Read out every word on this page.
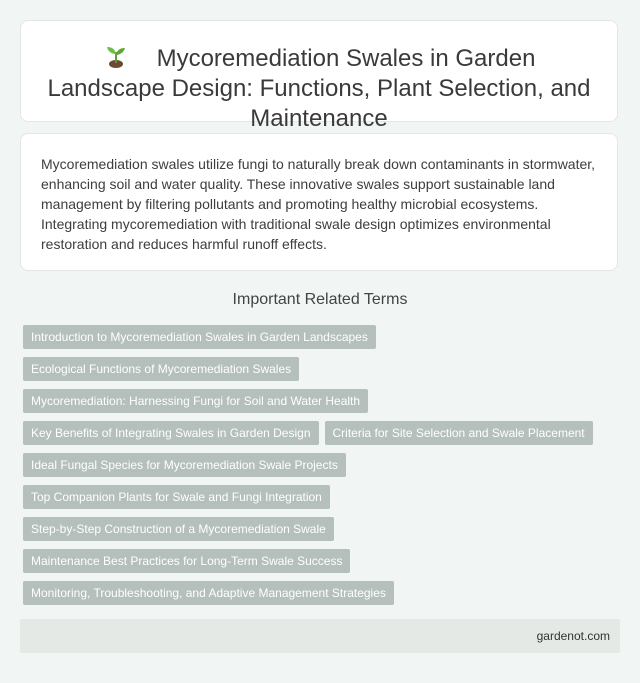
Mycoremediation Swales in Garden Landscape Design: Functions, Plant Selection, and Maintenance

Mycoremediation swales utilize fungi to naturally break down contaminants in stormwater, enhancing soil and water quality. These innovative swales support sustainable land management by filtering pollutants and promoting healthy microbial ecosystems. Integrating mycoremediation with traditional swale design optimizes environmental restoration and reduces harmful runoff effects.

Important Related Terms
Introduction to Mycoremediation Swales in Garden Landscapes
Ecological Functions of Mycoremediation Swales
Mycoremediation: Harnessing Fungi for Soil and Water Health
Key Benefits of Integrating Swales in Garden Design Criteria for Site Selection and Swale Placement
Ideal Fungal Species for Mycoremediation Swale Projects
Top Companion Plants for Swale and Fungi Integration
Step-by-Step Construction of a Mycoremediation Swale
Maintenance Best Practices for Long-Term Swale Success
Monitoring, Troubleshooting, and Adaptive Management Strategies
gardenot.com
